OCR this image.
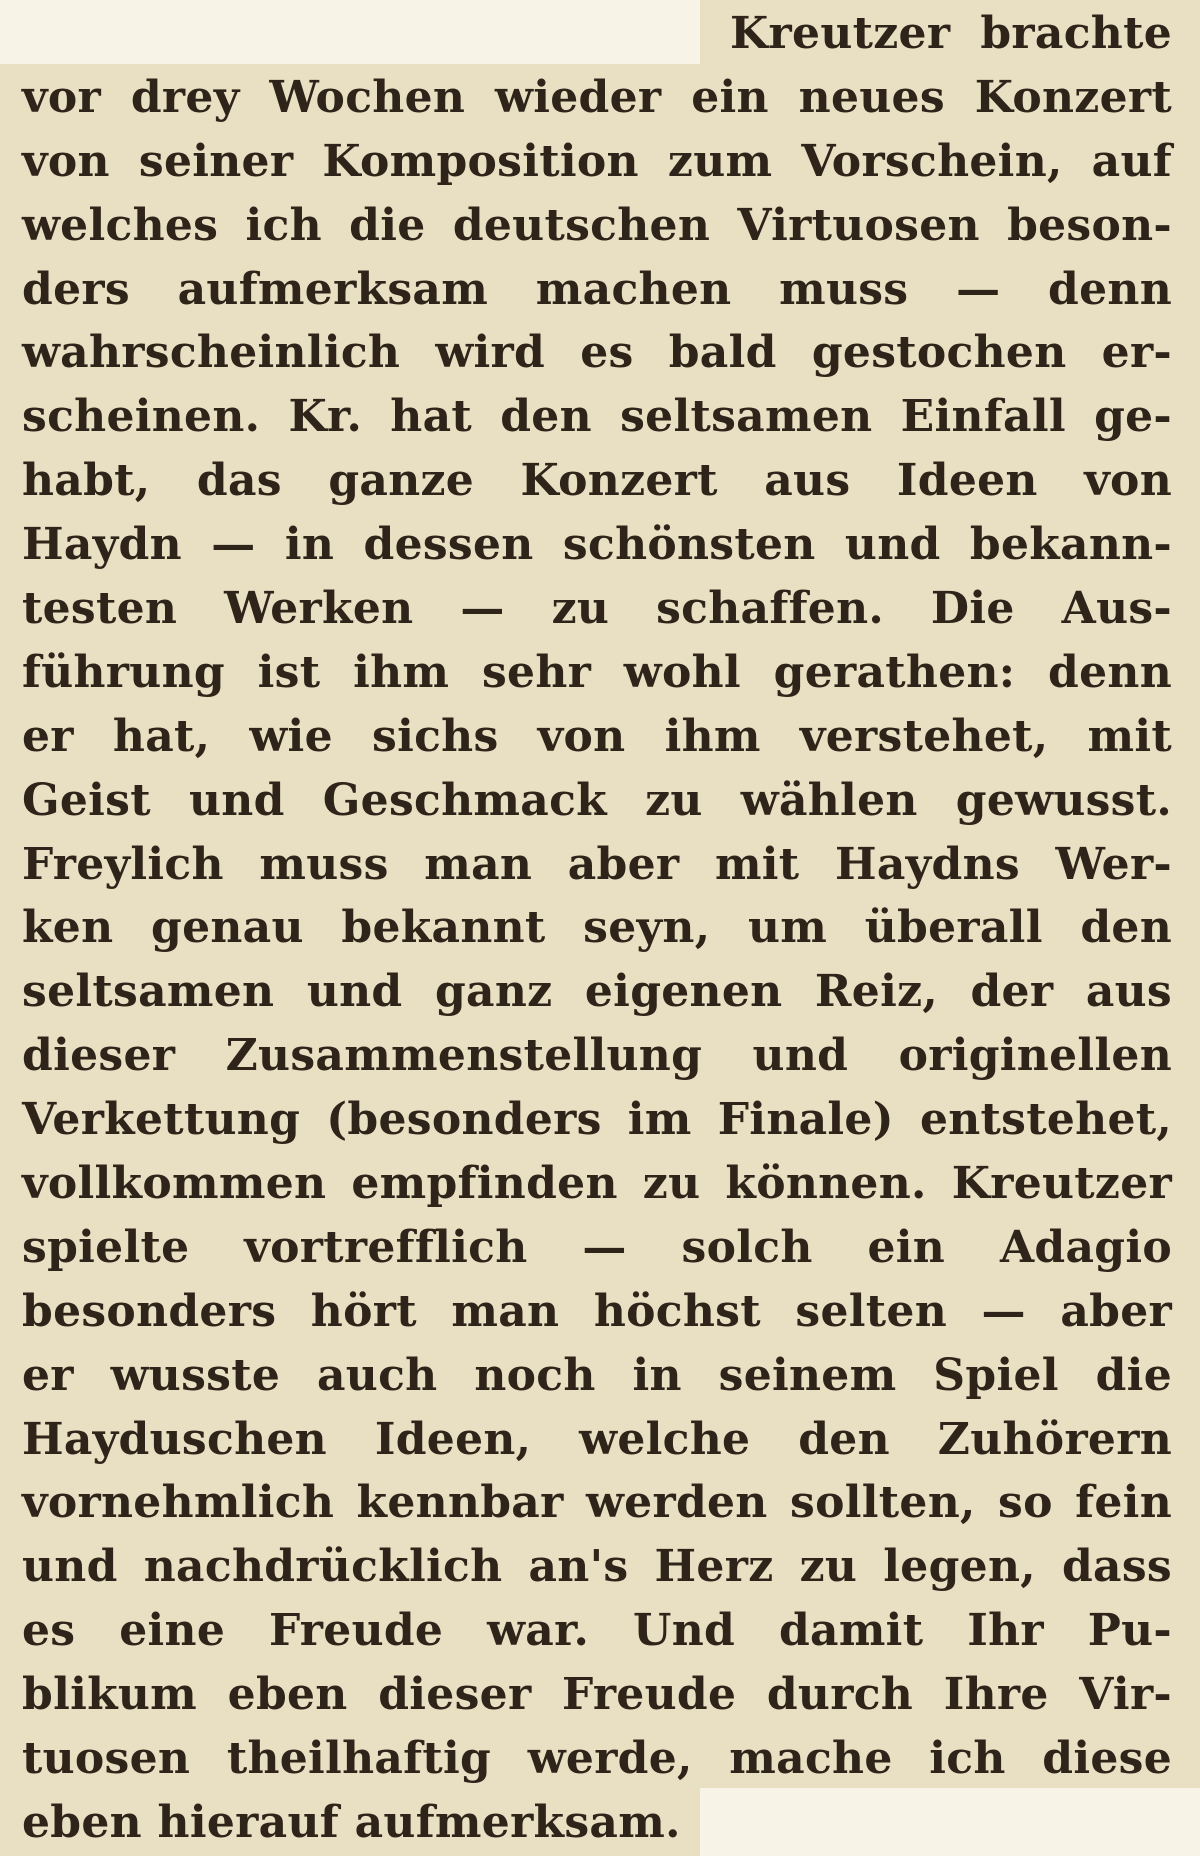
Kreutzer brachte
vor drey Wochen wieder ein neues Konzert
von seiner Komposition zum Vorschein, auf
welches ich die deutschen Virtuosen beson-
ders aufmerksam machen muss — denn
wahrscheinlich wird es bald gestochen er-
scheinen. Kr. hat den seltsamen Einfall ge-
habt, das ganze Konzert aus Ideen von
Haydn — in dessen schönsten und bekann-
testen Werken — zu schaffen. Die Aus-
führung ist ihm sehr wohl gerathen: denn
er hat, wie sichs von ihm verstehet, mit
Geist und Geschmack zu wählen gewusst.
Freylich muss man aber mit Haydns Wer-
ken genau bekannt seyn, um überall den
seltsamen und ganz eigenen Reiz, der aus
dieser Zusammenstellung und originellen
Verkettung (besonders im Finale) entstehet,
vollkommen empfinden zu können. Kreutzer
spielte vortrefflich — solch ein Adagio
besonders hört man höchst selten — aber
er wusste auch noch in seinem Spiel die
Hayduschen Ideen, welche den Zuhörern
vornehmlich kennbar werden sollten, so fein
und nachdrücklich an's Herz zu legen, dass
es eine Freude war. Und damit Ihr Pu-
blikum eben dieser Freude durch Ihre Vir-
tuosen theilhaftig werde, mache ich diese
eben hierauf aufmerksam.
